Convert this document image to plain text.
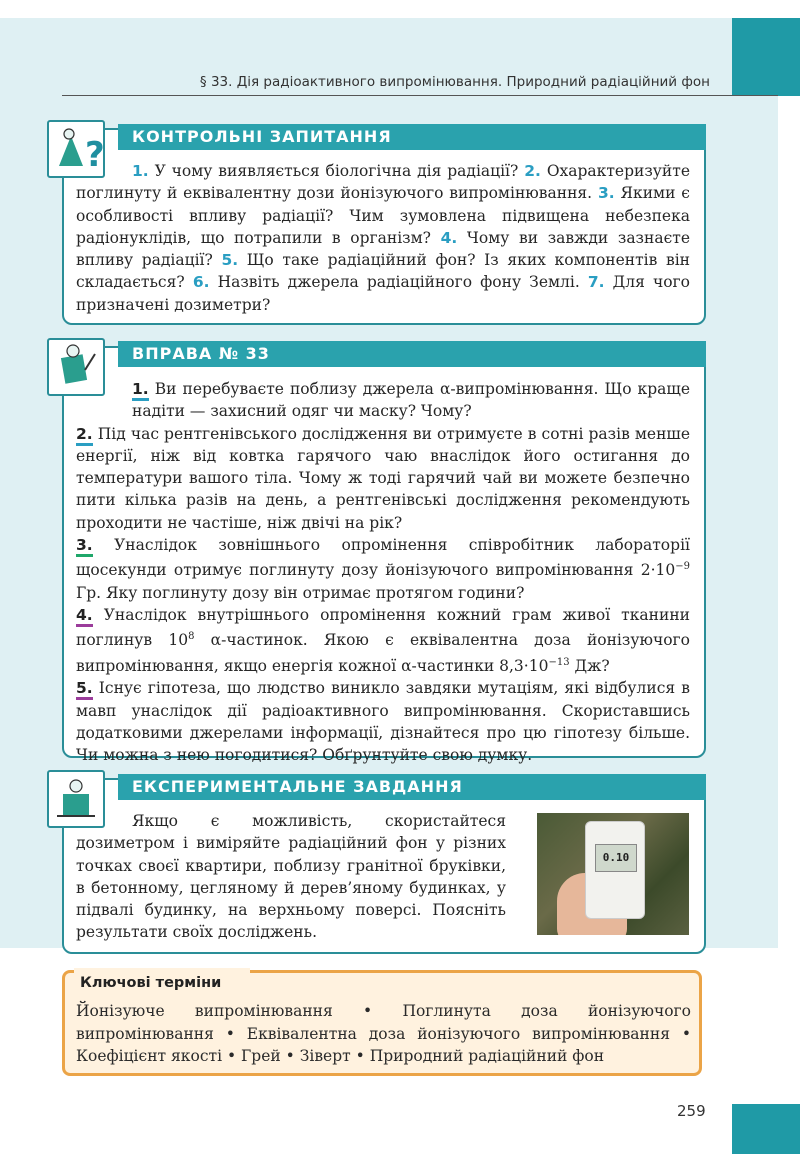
§ 33. Дія радіоактивного випромінювання. Природний радіаційний фон
?	КОНТРОЛЬНІ ЗАПИТАННЯ

1. У чому виявляється біологічна дія радіації? 2. Охарактеризуйте поглинуту й еквівалентну дози йонізуючого випромінювання. 3. Якими є особливості впливу радіації? Чим зумовлена підвищена небезпека радіонуклідів, що потрапили в організм? 4. Чому ви завжди зазнаєте впливу радіації? 5. Що таке радіаційний фон? Із яких компонентів він складається? 6. Назвіть джерела радіаційного фону Землі. 7. Для чого призначені дозиметри?

ВПРАВА № 33

1. Ви перебуваєте поблизу джерела α-випромінювання. Що краще надіти — захисний одяг чи маску? Чому?

2. Під час рентгенівського дослідження ви отримуєте в сотні разів менше енергії, ніж від ковтка гарячого чаю внаслідок його остигання до температури вашого тіла. Чому ж тоді гарячий чай ви можете безпечно пити кілька разів на день, а рентгенівські дослідження рекомендують проходити не частіше, ніж двічі на рік?

3. Унаслідок зовнішнього опромінення співробітник лабораторії щосекунди отримує поглинуту дозу йонізуючого випромінювання $2\cdot 10^{-9}$ Гр. Яку поглинуту дозу він отримає протягом години?

4. Унаслідок внутрішнього опромінення кожний грам живої тканини поглинув $10^8$ α-частинок. Якою є еквівалентна доза йонізуючого випромінювання, якщо енергія кожної α-частинки $8,3\cdot 10^{-13}$ Дж?

5. Існує гіпотеза, що людство виникло завдяки мутаціям, які відбулися в мавп унаслідок дії радіоактивного випромінювання. Скориставшись додатковими джерелами інформації, дізнайтеся про цю гіпотезу більше. Чи можна з нею погодитися? Обґрунтуйте свою думку.

ЕКСПЕРИМЕНТАЛЬНЕ ЗАВДАННЯ

Якщо є можливість, скористайтеся дозиметром і виміряйте радіаційний фон у різних точках своєї квартири, поблизу гранітної бруківки, в бетонному, цегляному й дерев’яному будинках, у підвалі будинку, на верхньому поверсі. Поясніть результати своїх досліджень.

0.10
Ключові терміни
Йонізуюче випромінювання • Поглинута доза йонізуючого випромінювання • Еквівалентна доза йонізуючого випромінювання • Коефіцієнт якості • Грей • Зіверт • Природний радіаційний фон
259
